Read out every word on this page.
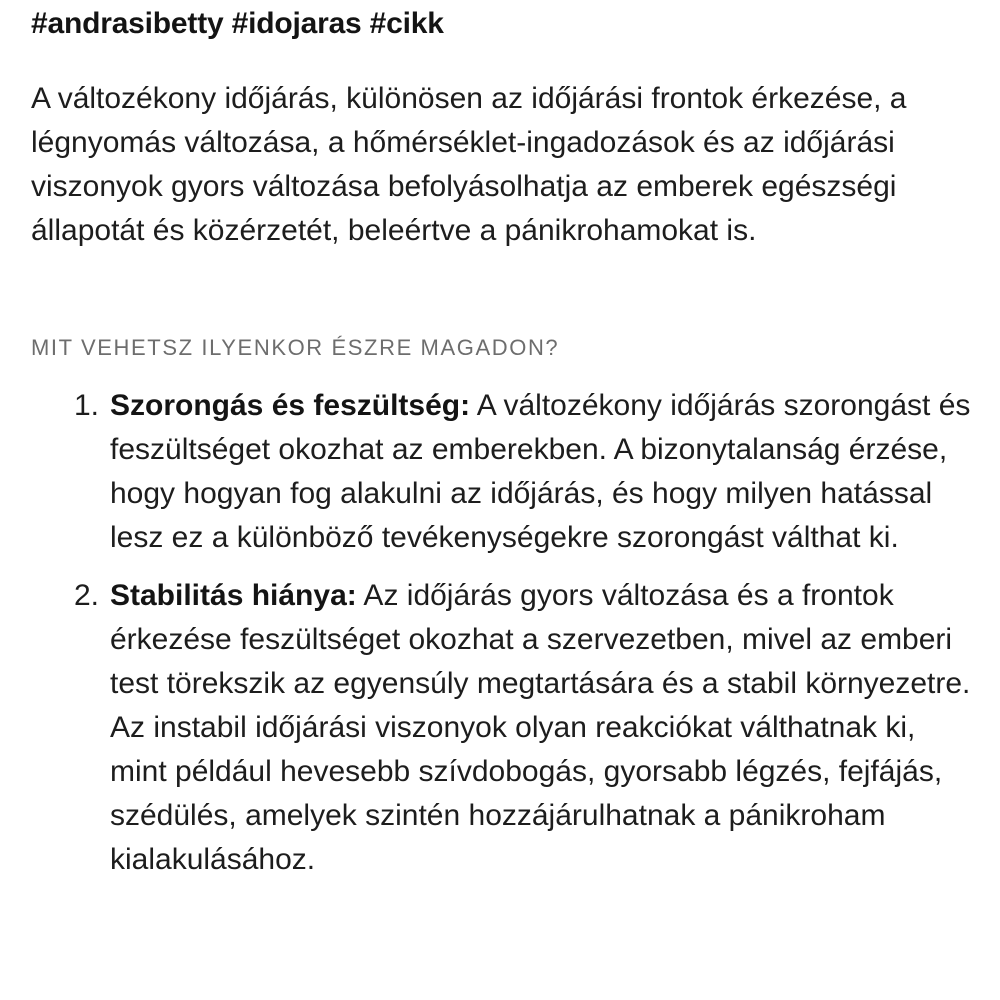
#andrasibetty #idojaras #cikk

A változékony időjárás, különösen az időjárási frontok érkezése, a légnyomás változása, a hőmérséklet-ingadozások és az időjárási viszonyok gyors változása befolyásolhatja az emberek egészségi állapotát és közérzetét, beleértve a pánikrohamokat is.

MIT VEHETSZ ILYENKOR ÉSZRE MAGADON?

Szorongás és feszültség: A változékony időjárás szorongást és feszültséget okozhat az emberekben. A bizonytalanság érzése, hogy hogyan fog alakulni az időjárás, és hogy milyen hatással lesz ez a különböző tevékenységekre szorongást válthat ki.
Stabilitás hiánya: Az időjárás gyors változása és a frontok érkezése feszültséget okozhat a szervezetben, mivel az emberi test törekszik az egyensúly megtartására és a stabil környezetre. Az instabil időjárási viszonyok olyan reakciókat válthatnak ki, mint például hevesebb szívdobogás, gyorsabb légzés, fejfájás, szédülés, amelyek szintén hozzájárulhatnak a pánikroham kialakulásához.
